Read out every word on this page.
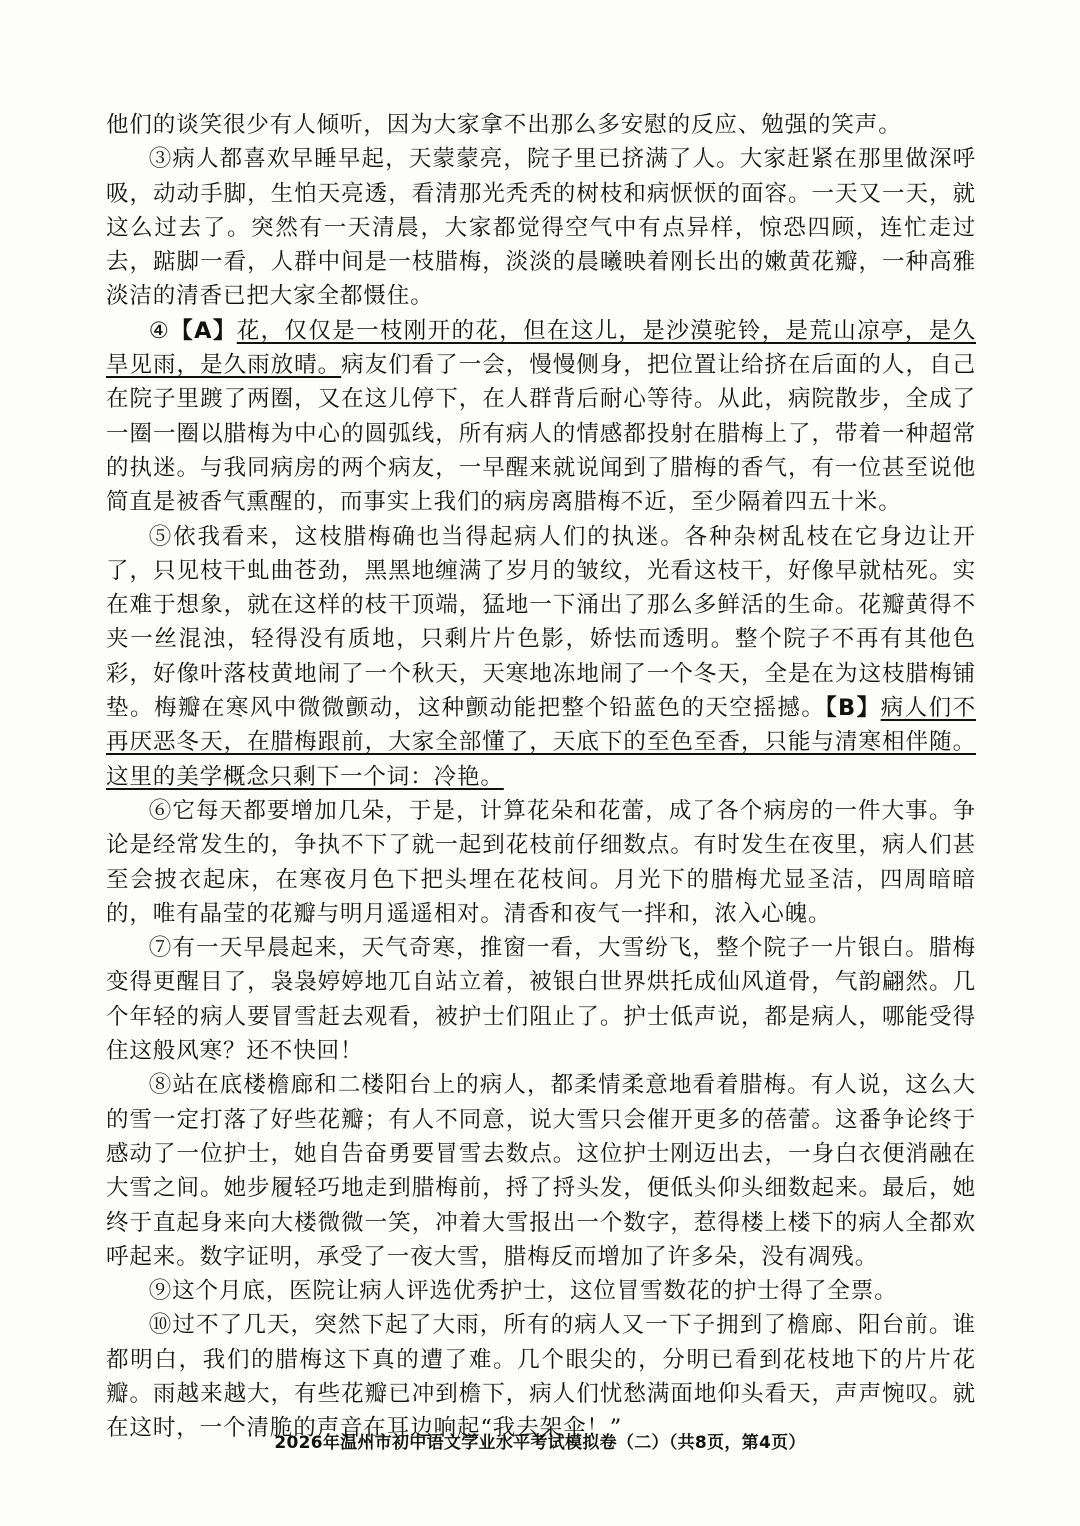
他们的谈笑很少有人倾听，因为大家拿不出那么多安慰的反应、勉强的笑声。

③病人都喜欢早睡早起，天蒙蒙亮，院子里已挤满了人。大家赶紧在那里做深呼吸，动动手脚，生怕天亮透，看清那光秃秃的树枝和病恹恹的面容。一天又一天，就这么过去了。突然有一天清晨，大家都觉得空气中有点异样，惊恐四顾，连忙走过去，踮脚一看，人群中间是一枝腊梅，淡淡的晨曦映着刚长出的嫩黄花瓣，一种高雅淡洁的清香已把大家全都慑住。

④【A】花，仅仅是一枝刚开的花，但在这儿，是沙漠驼铃，是荒山凉亭，是久旱见雨，是久雨放晴。病友们看了一会，慢慢侧身，把位置让给挤在后面的人，自己在院子里踱了两圈，又在这儿停下，在人群背后耐心等待。从此，病院散步，全成了一圈一圈以腊梅为中心的圆弧线，所有病人的情感都投射在腊梅上了，带着一种超常的执迷。与我同病房的两个病友，一早醒来就说闻到了腊梅的香气，有一位甚至说他简直是被香气熏醒的，而事实上我们的病房离腊梅不近，至少隔着四五十米。

⑤依我看来，这枝腊梅确也当得起病人们的执迷。各种杂树乱枝在它身边让开了，只见枝干虬曲苍劲，黑黑地缠满了岁月的皱纹，光看这枝干，好像早就枯死。实在难于想象，就在这样的枝干顶端，猛地一下涌出了那么多鲜活的生命。花瓣黄得不夹一丝混浊，轻得没有质地，只剩片片色影，娇怯而透明。整个院子不再有其他色彩，好像叶落枝黄地闹了一个秋天，天寒地冻地闹了一个冬天，全是在为这枝腊梅铺垫。梅瓣在寒风中微微颤动，这种颤动能把整个铅蓝色的天空摇撼。【B】病人们不再厌恶冬天，在腊梅跟前，大家全部懂了，天底下的至色至香，只能与清寒相伴随。这里的美学概念只剩下一个词：冷艳。

⑥它每天都要增加几朵，于是，计算花朵和花蕾，成了各个病房的一件大事。争论是经常发生的，争执不下了就一起到花枝前仔细数点。有时发生在夜里，病人们甚至会披衣起床，在寒夜月色下把头埋在花枝间。月光下的腊梅尤显圣洁，四周暗暗的，唯有晶莹的花瓣与明月遥遥相对。清香和夜气一拌和，浓入心魄。

⑦有一天早晨起来，天气奇寒，推窗一看，大雪纷飞，整个院子一片银白。腊梅变得更醒目了，袅袅婷婷地兀自站立着，被银白世界烘托成仙风道骨，气韵翩然。几个年轻的病人要冒雪赶去观看，被护士们阻止了。护士低声说，都是病人，哪能受得住这般风寒？还不快回！

⑧站在底楼檐廊和二楼阳台上的病人，都柔情柔意地看着腊梅。有人说，这么大的雪一定打落了好些花瓣；有人不同意，说大雪只会催开更多的蓓蕾。这番争论终于感动了一位护士，她自告奋勇要冒雪去数点。这位护士刚迈出去，一身白衣便消融在大雪之间。她步履轻巧地走到腊梅前，捋了捋头发，便低头仰头细数起来。最后，她终于直起身来向大楼微微一笑，冲着大雪报出一个数字，惹得楼上楼下的病人全都欢呼起来。数字证明，承受了一夜大雪，腊梅反而增加了许多朵，没有凋残。

⑨这个月底，医院让病人评选优秀护士，这位冒雪数花的护士得了全票。

⑩过不了几天，突然下起了大雨，所有的病人又一下子拥到了檐廊、阳台前。谁都明白，我们的腊梅这下真的遭了难。几个眼尖的，分明已看到花枝地下的片片花瓣。雨越来越大，有些花瓣已冲到檐下，病人们忧愁满面地仰头看天，声声惋叹。就在这时，一个清脆的声音在耳边响起“我去架伞！”

2026年温州市初中语文学业水平考试模拟卷（二）（共8页，第4页）
